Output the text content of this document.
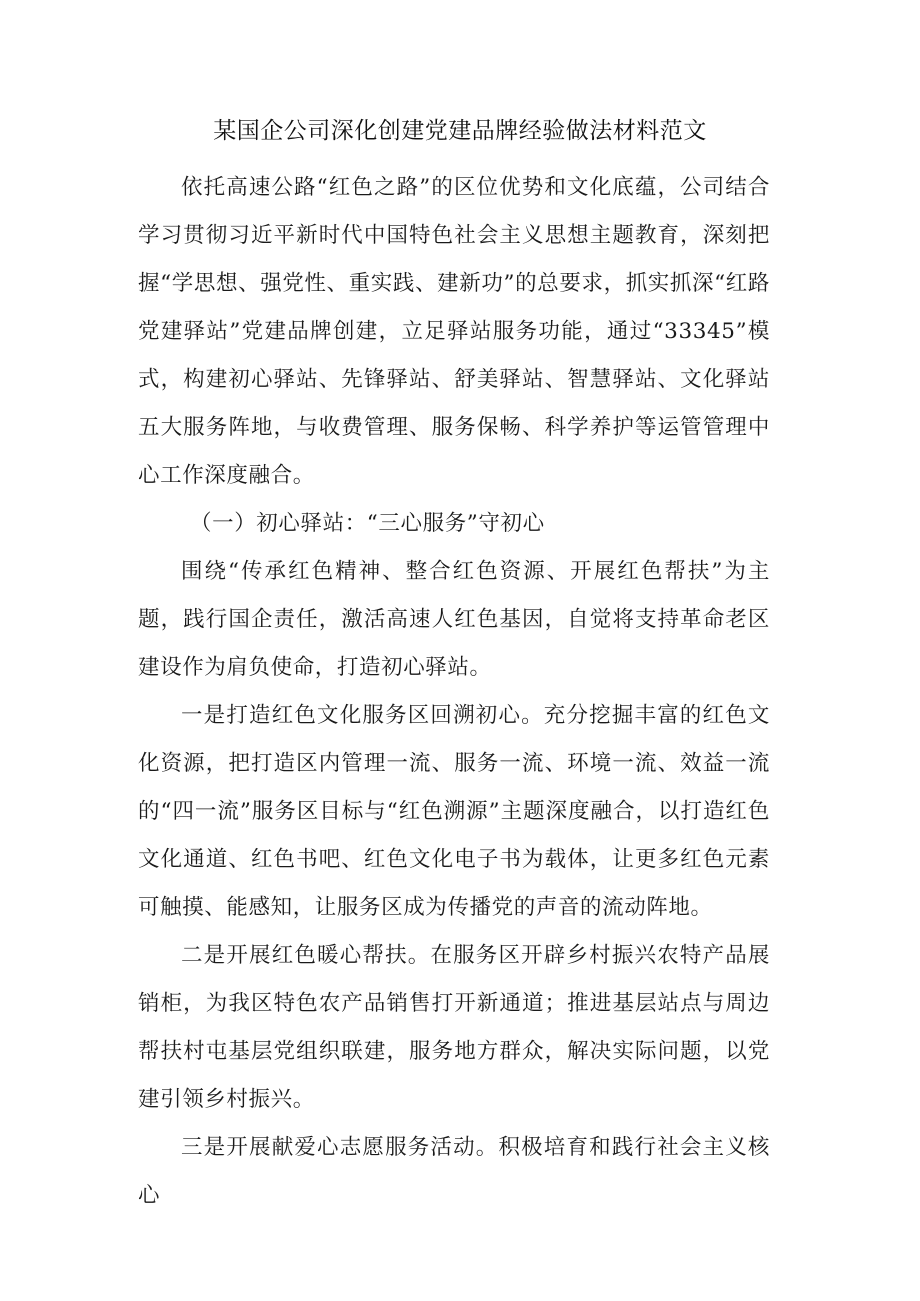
某国企公司深化创建党建品牌经验做法材料范文

依托高速公路“红色之路”的区位优势和文化底蕴，公司结合学习贯彻习近平新时代中国特色社会主义思想主题教育，深刻把握“学思想、强党性、重实践、建新功”的总要求，抓实抓深“红路党建驿站”党建品牌创建，立足驿站服务功能，通过“33345”模式，构建初心驿站、先锋驿站、舒美驿站、智慧驿站、文化驿站五大服务阵地，与收费管理、服务保畅、科学养护等运管管理中心工作深度融合。

（一）初心驿站：“三心服务”守初心

围绕“传承红色精神、整合红色资源、开展红色帮扶”为主题，践行国企责任，激活高速人红色基因，自觉将支持革命老区建设作为肩负使命，打造初心驿站。

一是打造红色文化服务区回溯初心。充分挖掘丰富的红色文化资源，把打造区内管理一流、服务一流、环境一流、效益一流的“四一流”服务区目标与“红色溯源”主题深度融合，以打造红色文化通道、红色书吧、红色文化电子书为载体，让更多红色元素可触摸、能感知，让服务区成为传播党的声音的流动阵地。

二是开展红色暖心帮扶。在服务区开辟乡村振兴农特产品展销柜，为我区特色农产品销售打开新通道；推进基层站点与周边帮扶村屯基层党组织联建，服务地方群众，解决实际问题，以党建引领乡村振兴。

三是开展献爱心志愿服务活动。积极培育和践行社会主义核心
